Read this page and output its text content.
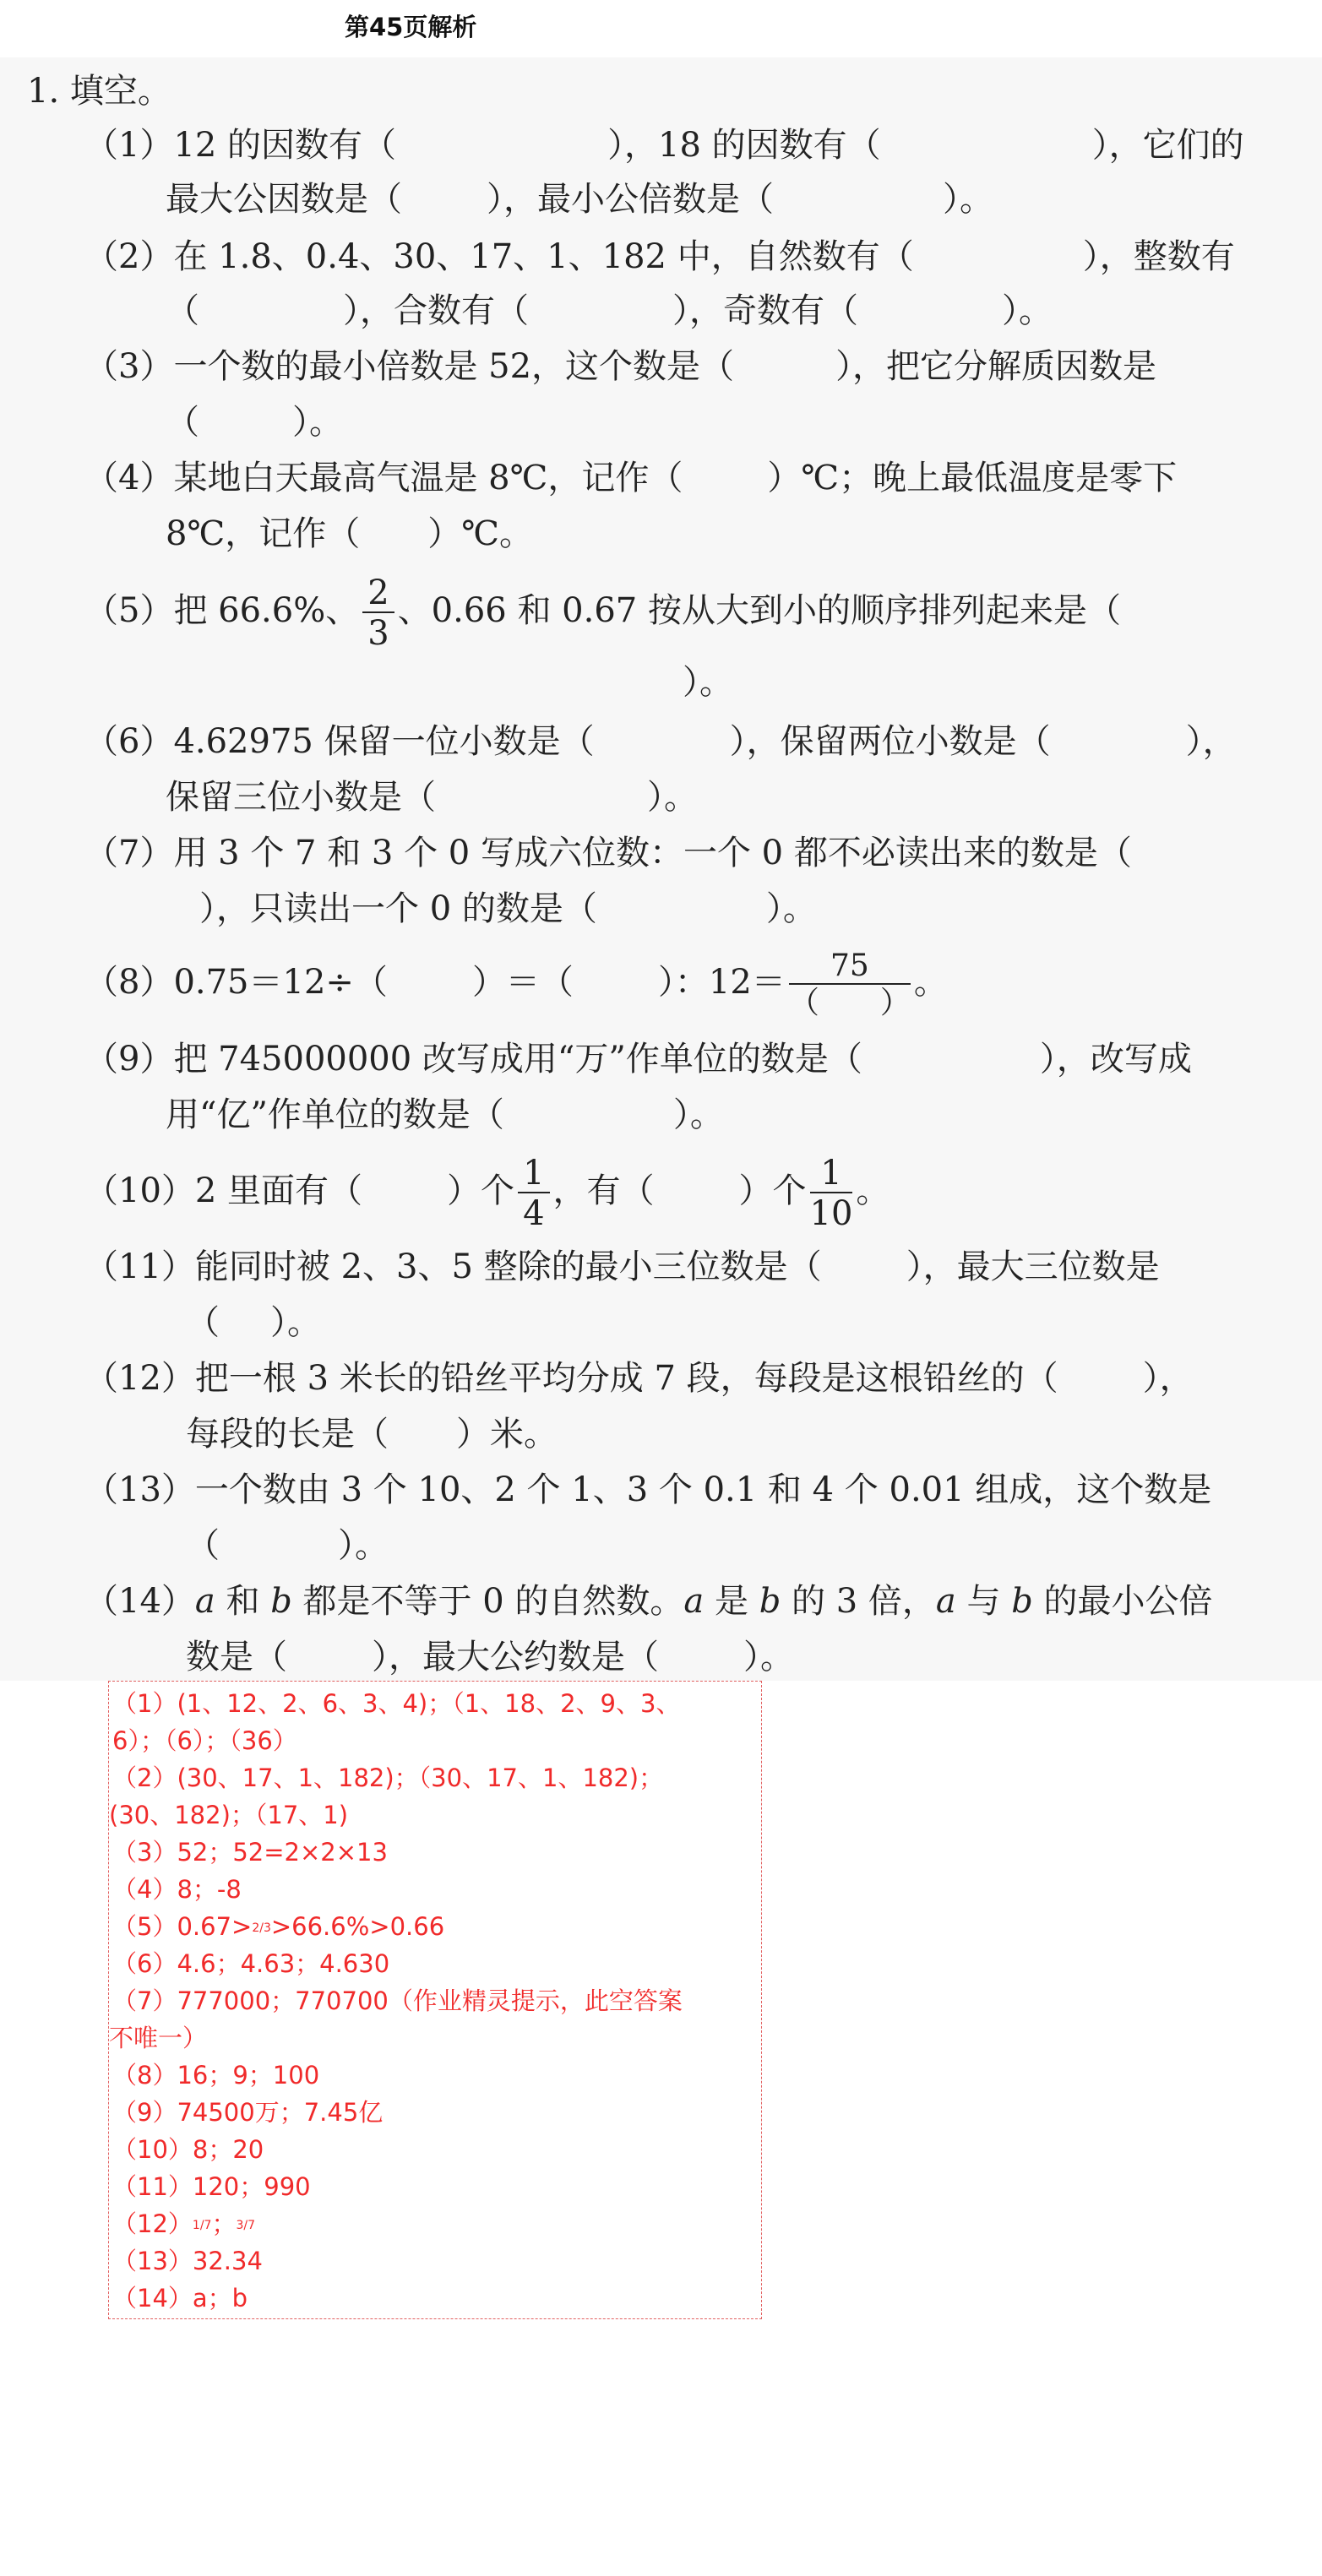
第45页解析
1. 填空。
（1）12 的因数有（	），18 的因数有（	），它们的
最大公因数是（	），最小公倍数是（	）。
（2）在 1.8、0.4、30、17、1、182 中，自然数有（	），整数有
（	），合数有（	），奇数有（	）。
（3）一个数的最小倍数是 52，这个数是（	），把它分解质因数是
（	）。
（4）某地白天最高气温是 8℃，记作（	）℃；晚上最低温度是零下
8℃，记作（ ）℃。
（5）把 66.6%、 $\frac{2}{3}$ 、0.66 和 0.67 按从大到小的顺序排列起来是（
）。
（6）4.62975 保留一位小数是（	），保留两位小数是（	），
保留三位小数是（	）。
（7）用 3 个 7 和 3 个 0 写成六位数：一个 0 都不必读出来的数是（
），只读出一个 0 的数是（	）。
（8）0.75＝12÷（	）＝（	）：$12= \frac{75}{( )}$ 。
（9）把 745000000 改写成用“万”作单位的数是（	），改写成
用“亿”作单位的数是（	）。
（10）2 里面有（	）个 $\frac{1}{4}$ ，有（	）个 $\frac{1}{10}$ 。
（11）能同时被 2、3、5 整除的最小三位数是（	），最大三位数是
（ ）。
（12）把一根 3 米长的铅丝平均分成 7 段，每段是这根铅丝的（	），
每段的长是（ ）米。
（13）一个数由 3 个 10、2 个 1、3 个 0.1 和 4 个 0.01 组成，这个数是
（	）。
（14）a 和 b 都是不等于 0 的自然数。a 是 b 的 3 倍，a 与 b 的最小公倍
数是（	），最大公约数是（	）。
（1）(1、12、2、6、3、4)；（1、18、2、9、3、
6）；（6）；（36）
（2）(30、17、1、182)；（30、17、1、182)；
(30、182)；（17、1)
（3）52；52=2×2×13
（4）8；-8
（5）0.67>2/3>66.6%>0.66
（6）4.6；4.63；4.630
（7）777000；770700（作业精灵提示，此空答案
不唯一）
（8）16；9；100
（9）74500万；7.45亿
（10）8；20
（11）120；990
（12）1/7；3/7
（13）32.34
（14）a；b
